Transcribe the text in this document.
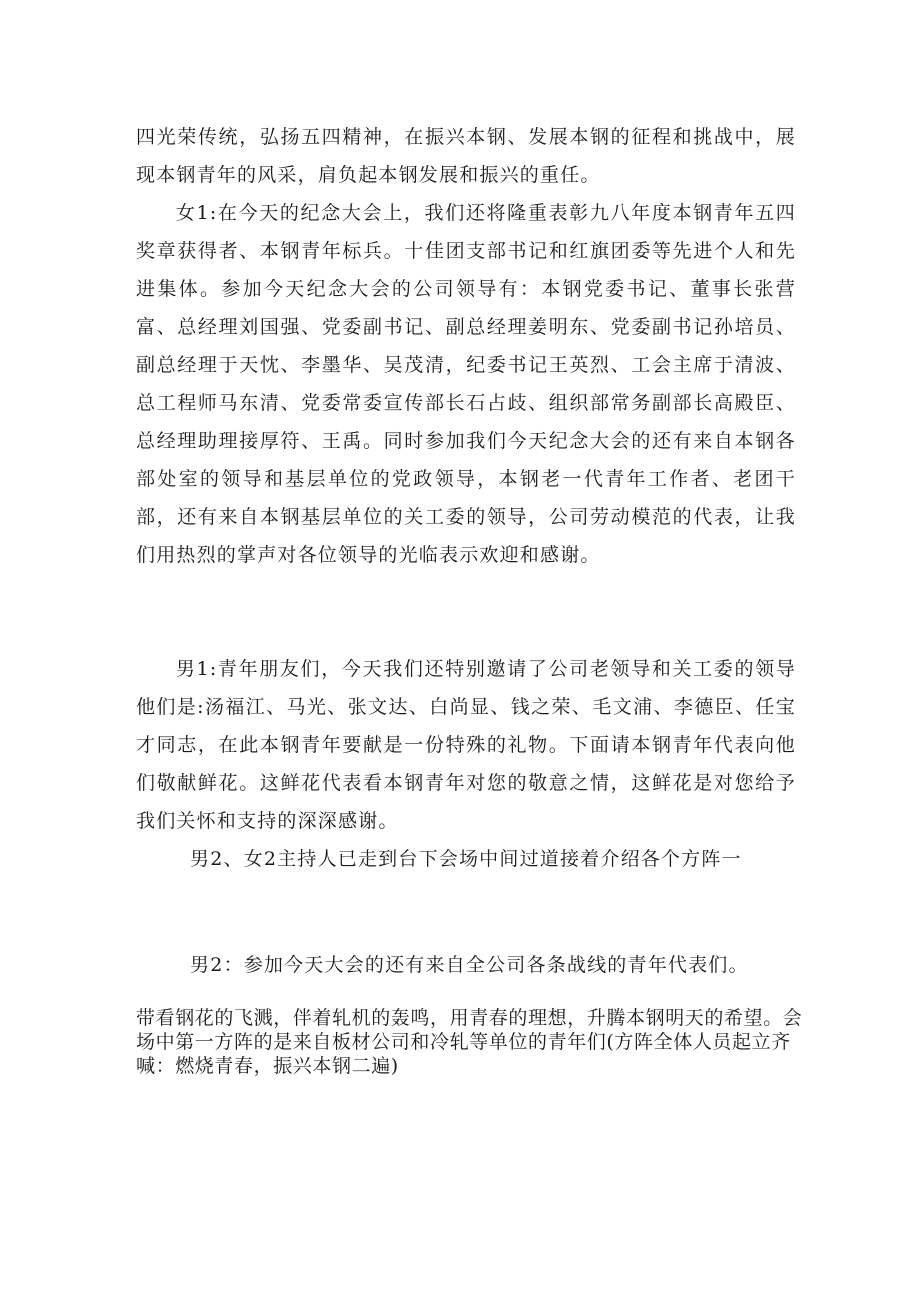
四光荣传统，弘扬五四精神，在振兴本钢、发展本钢的征程和挑战中，展现本钢青年的风采，肩负起本钢发展和振兴的重任。

女1:在今天的纪念大会上，我们还将隆重表彰九八年度本钢青年五四奖章获得者、本钢青年标兵。十佳团支部书记和红旗团委等先进个人和先进集体。参加今天纪念大会的公司领导有：本钢党委书记、董事长张营富、总经理刘国强、党委副书记、副总经理姜明东、党委副书记孙培员、副总经理于天忱、李墨华、吴茂清，纪委书记王英烈、工会主席于清波、总工程师马东清、党委常委宣传部长石占歧、组织部常务副部长高殿臣、总经理助理接厚符、王禹。同时参加我们今天纪念大会的还有来自本钢各部处室的领导和基层单位的党政领导，本钢老一代青年工作者、老团干部，还有来自本钢基层单位的关工委的领导，公司劳动模范的代表，让我们用热烈的掌声对各位领导的光临表示欢迎和感谢。

男1:青年朋友们，今天我们还特别邀请了公司老领导和关工委的领导他们是:汤福江、马光、张文达、白尚显、钱之荣、毛文浦、李德臣、任宝才同志，在此本钢青年要献是一份特殊的礼物。下面请本钢青年代表向他们敬献鲜花。这鲜花代表看本钢青年对您的敬意之情，这鲜花是对您给予我们关怀和支持的深深感谢。

男2、女2主持人已走到台下会场中间过道接着介绍各个方阵一

男2：参加今天大会的还有来自全公司各条战线的青年代表们。

带看钢花的飞溅，伴着轧机的轰鸣，用青春的理想，升腾本钢明天的希望。会场中第一方阵的是来自板材公司和冷轧等单位的青年们(方阵全体人员起立齐喊：燃烧青春，振兴本钢二遍)
